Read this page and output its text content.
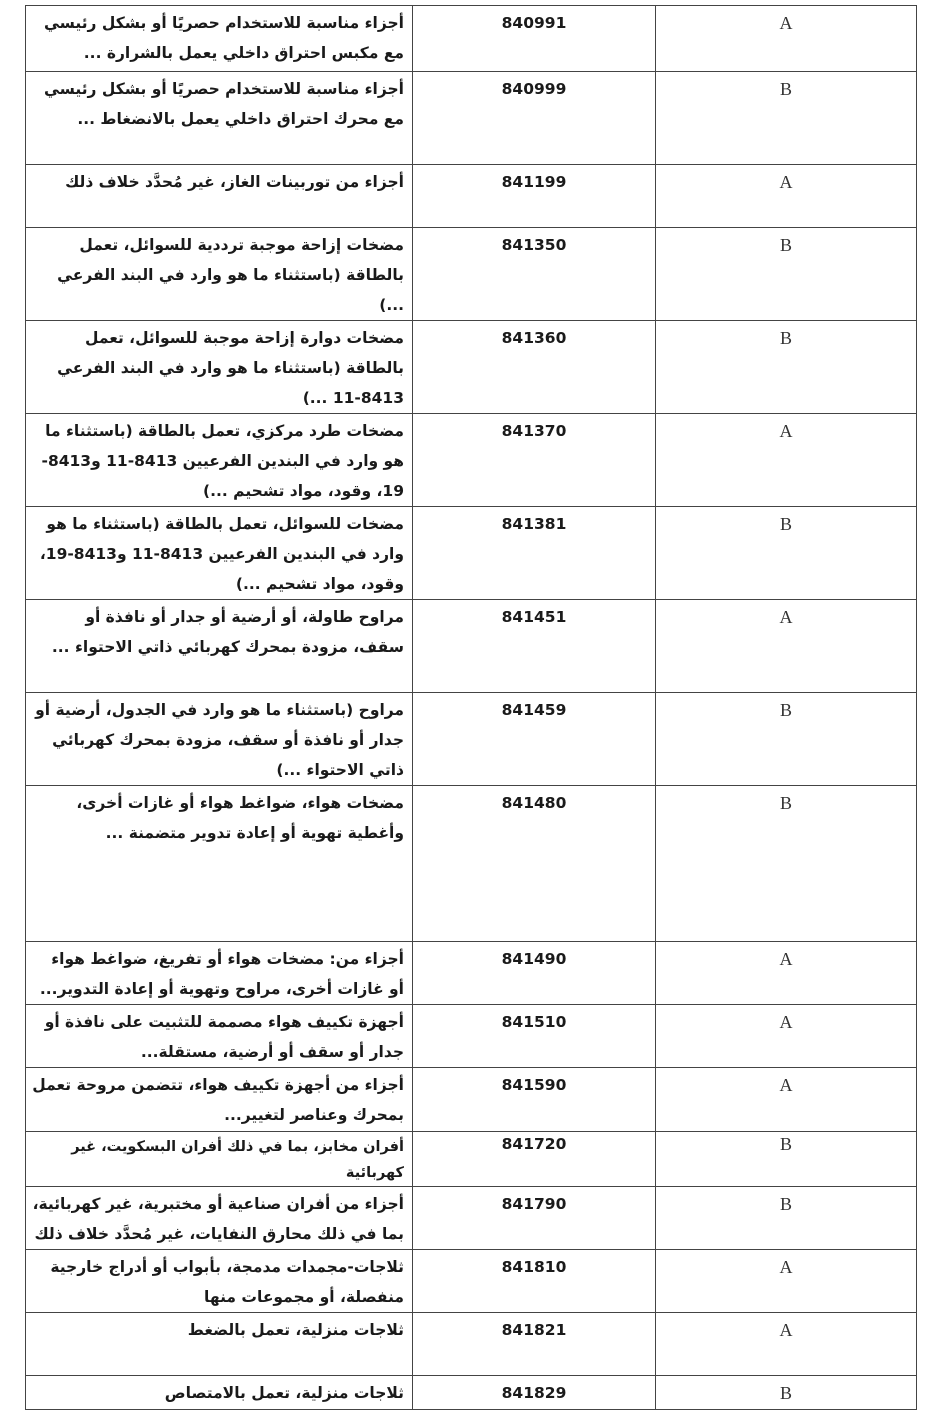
أجزاء مناسبة للاستخدام حصريًا أو بشكل رئيسي مع مكبس احتراق داخلي يعمل بالشرارة ...	840991	A

أجزاء مناسبة للاستخدام حصريًا أو بشكل رئيسي مع محرك احتراق داخلي يعمل بالانضغاط ...	840999	B

أجزاء من توربينات الغاز، غير مُحدَّد خلاف ذلك	841199	A

مضخات إزاحة موجبة ترددية للسوائل، تعمل بالطاقة (باستثناء ما هو وارد في البند الفرعي ...)	841350	B

مضخات دوارة إزاحة موجبة للسوائل، تعمل بالطاقة (باستثناء ما هو وارد في البند الفرعي 8413-11 ...)	841360	B

مضخات طرد مركزي، تعمل بالطاقة (باستثناء ما هو وارد في البندين الفرعيين 8413-11 و8413-19، وقود، مواد تشحيم ...)	841370	A

مضخات للسوائل، تعمل بالطاقة (باستثناء ما هو وارد في البندين الفرعيين 8413-11 و8413-19، وقود، مواد تشحيم ...)	841381	B

مراوح طاولة، أو أرضية أو جدار أو نافذة أو سقف، مزودة بمحرك كهربائي ذاتي الاحتواء ...	841451	A

مراوح (باستثناء ما هو وارد في الجدول، أرضية أو جدار أو نافذة أو سقف، مزودة بمحرك كهربائي ذاتي الاحتواء ...)	841459	B

مضخات هواء، ضواغط هواء أو غازات أخرى، وأغطية تهوية أو إعادة تدوير متضمنة ...	841480	B

أجزاء من: مضخات هواء أو تفريغ، ضواغط هواء أو غازات أخرى، مراوح وتهوية أو إعادة التدوير...	841490	A

أجهزة تكييف هواء مصممة للتثبيت على نافذة أو جدار أو سقف أو أرضية، مستقلة...	841510	A

أجزاء من أجهزة تكييف هواء، تتضمن مروحة تعمل بمحرك وعناصر لتغيير...	841590	A

أفران مخابز، بما في ذلك أفران البسكويت، غير كهربائية	841720	B

أجزاء من أفران صناعية أو مختبرية، غير كهربائية، بما في ذلك محارق النفايات، غير مُحدَّد خلاف ذلك	841790	B

ثلاجات-مجمدات مدمجة، بأبواب أو أدراج خارجية منفصلة، أو مجموعات منها	841810	A

ثلاجات منزلية، تعمل بالضغط	841821	A

ثلاجات منزلية، تعمل بالامتصاص	841829	B
